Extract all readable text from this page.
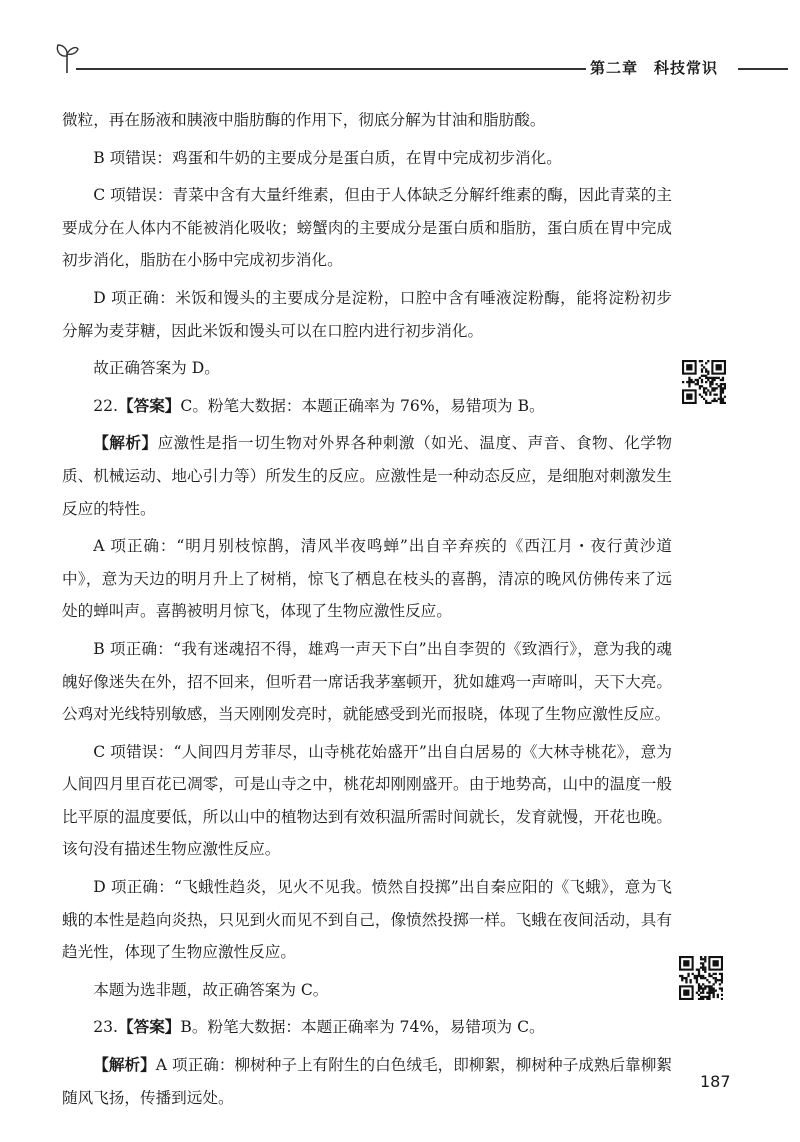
第二章 科技常识

微粒，再在肠液和胰液中脂肪酶的作用下，彻底分解为甘油和脂肪酸。

B 项错误：鸡蛋和牛奶的主要成分是蛋白质，在胃中完成初步消化。

C 项错误：青菜中含有大量纤维素，但由于人体缺乏分解纤维素的酶，因此青菜的主要成分在人体内不能被消化吸收；螃蟹肉的主要成分是蛋白质和脂肪，蛋白质在胃中完成初步消化，脂肪在小肠中完成初步消化。

D 项正确：米饭和馒头的主要成分是淀粉，口腔中含有唾液淀粉酶，能将淀粉初步分解为麦芽糖，因此米饭和馒头可以在口腔内进行初步消化。

故正确答案为 D。

22.【答案】C。粉笔大数据：本题正确率为 76%，易错项为 B。

【解析】应激性是指一切生物对外界各种刺激（如光、温度、声音、食物、化学物质、机械运动、地心引力等）所发生的反应。应激性是一种动态反应，是细胞对刺激发生反应的特性。

A 项正确：“明月别枝惊鹊，清风半夜鸣蝉”出自辛弃疾的《西江月・夜行黄沙道中》，意为天边的明月升上了树梢，惊飞了栖息在枝头的喜鹊，清凉的晚风仿佛传来了远处的蝉叫声。喜鹊被明月惊飞，体现了生物应激性反应。

B 项正确：“我有迷魂招不得，雄鸡一声天下白”出自李贺的《致酒行》，意为我的魂魄好像迷失在外，招不回来，但听君一席话我茅塞顿开，犹如雄鸡一声啼叫，天下大亮。公鸡对光线特别敏感，当天刚刚发亮时，就能感受到光而报晓，体现了生物应激性反应。

C 项错误：“人间四月芳菲尽，山寺桃花始盛开”出自白居易的《大林寺桃花》，意为人间四月里百花已凋零，可是山寺之中，桃花却刚刚盛开。由于地势高，山中的温度一般比平原的温度要低，所以山中的植物达到有效积温所需时间就长，发育就慢，开花也晚。该句没有描述生物应激性反应。

D 项正确：“飞蛾性趋炎，见火不见我。愤然自投掷”出自秦应阳的《飞蛾》，意为飞蛾的本性是趋向炎热，只见到火而见不到自己，像愤然投掷一样。飞蛾在夜间活动，具有趋光性，体现了生物应激性反应。

本题为选非题，故正确答案为 C。

23.【答案】B。粉笔大数据：本题正确率为 74%，易错项为 C。

【解析】A 项正确：柳树种子上有附生的白色绒毛，即柳絮，柳树种子成熟后靠柳絮随风飞扬，传播到远处。

187
